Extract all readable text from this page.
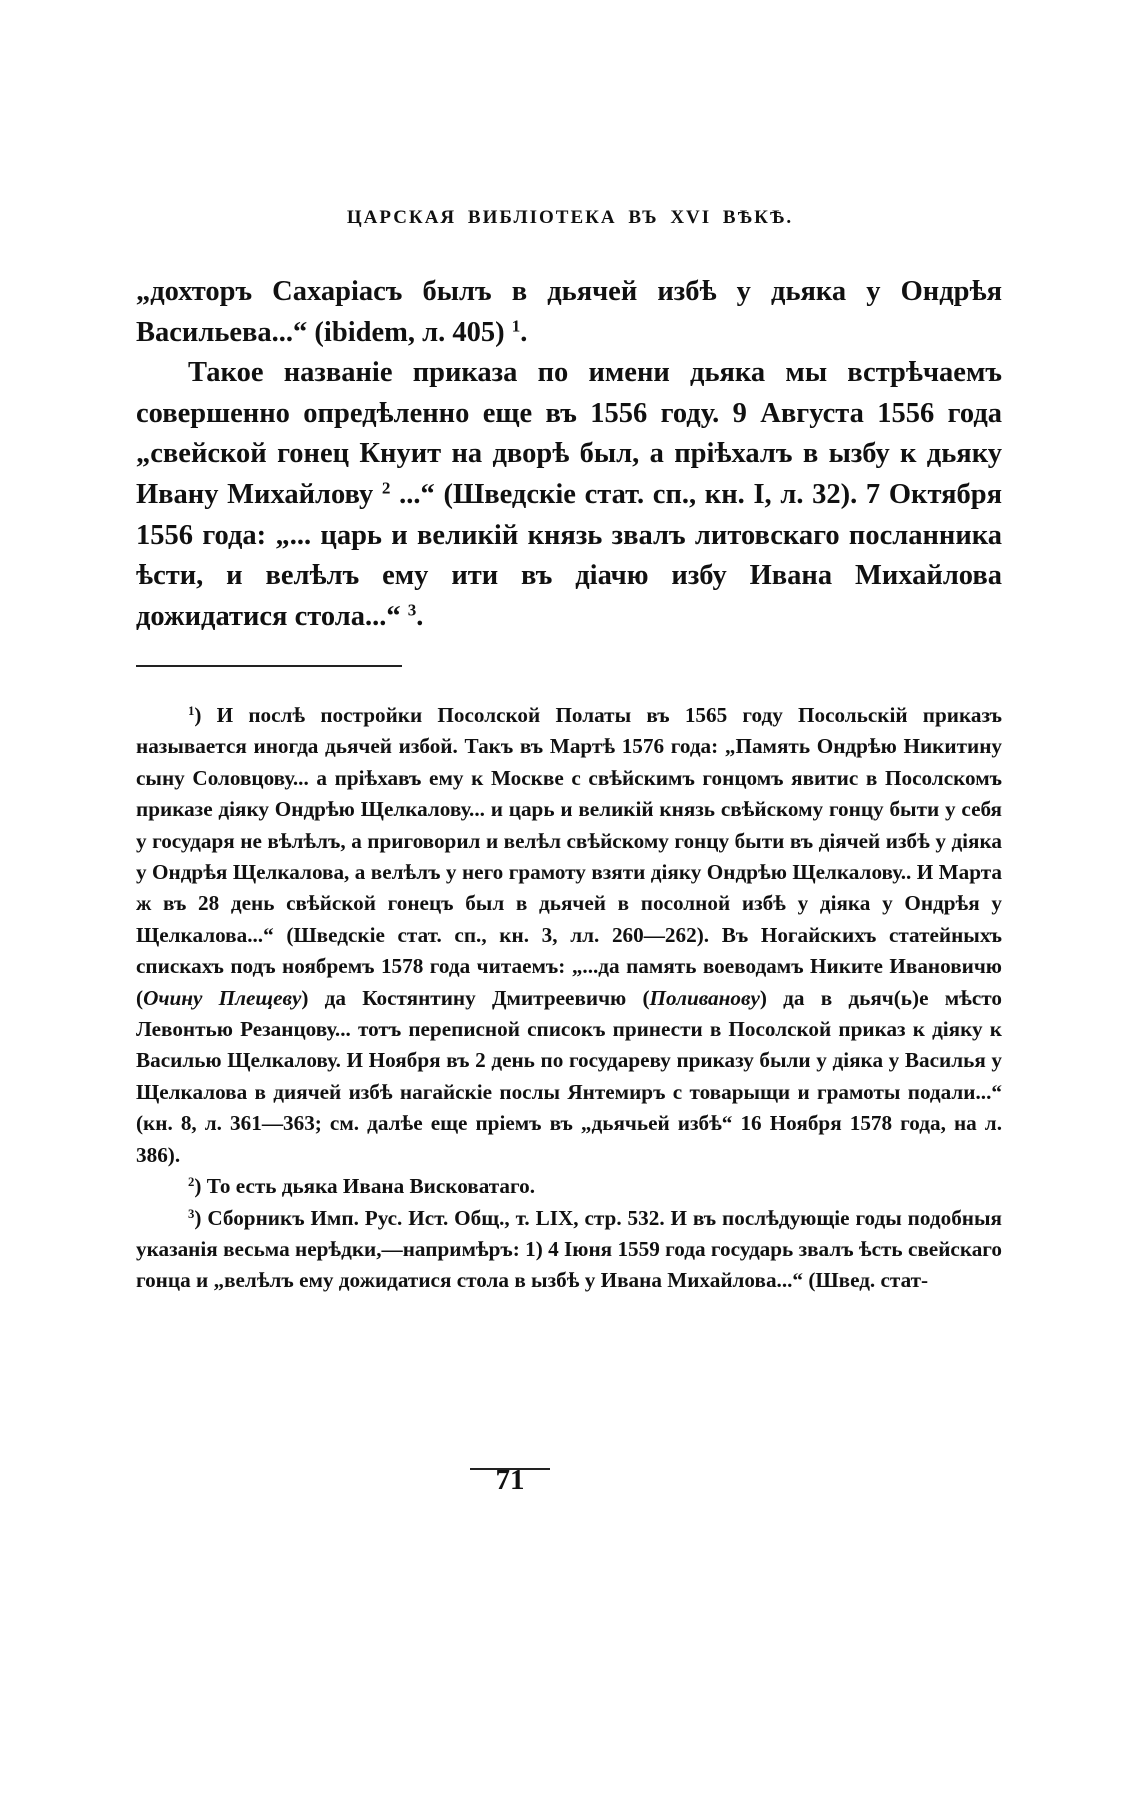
ЦАРСКАЯ ВИБЛІОТЕКА ВЪ XVI ВѢКѢ.

„дохторъ Сахаріасъ былъ в дьячей избѣ у дьяка у Ондрѣя Васильева...“ (ibidem, л. 405) $^1$.

Такое названіе приказа по имени дьяка мы встрѣчаемъ совершенно опредѣленно еще въ 1556 году. 9 Августа 1556 года „свейской гонец Кнуит на дворѣ был, а пріѣхалъ в ызбу к дьяку Ивану Михайлову $^2$ ...“ (Шведскіе стат. сп., кн. I, л. 32). 7 Октября 1556 года: „... царь и великій князь звалъ литовскаго посланника ѣсти, и велѣлъ ему ити въ діачю избу Ивана Михайлова дожидатися стола...“ $^3$.

$^1$) И послѣ постройки Посолской Полаты въ 1565 году Посольскій приказъ называется иногда дьячей избой. Такъ въ Мартѣ 1576 года: „Память Ондрѣю Никитину сыну Соловцову... а пріѣхавъ ему к Москве с свѣйскимъ гонцомъ явитис в Посолскомъ приказе діяку Ондрѣю Щелкалову... и царь и великій князь свѣйскому гонцу быти у себя у государя не вѣлѣлъ, а приговорил и велѣл свѣйскому гонцу быти въ діячей избѣ у діяка у Ондрѣя Щелкалова, а велѣлъ у него грамоту взяти діяку Ондрѣю Щелкалову.. И Марта ж въ 28 день свѣйской гонецъ был в дьячей в посолной избѣ у діяка у Ондрѣя у Щелкалова...“ (Шведскіе стат. сп., кн. 3, лл. 260—262). Въ Ногайскихъ статейныхъ спискахъ подъ ноябремъ 1578 года читаемъ: „...да память воеводамъ Никите Ивановичю (Очину Плещеву) да Костянтину Дмитреевичю (Поливанову) да в дьяч(ь)е мѣсто Левонтью Резанцову... тотъ переписной списокъ принести в Посолской приказ к діяку к Василью Щелкалову. И Ноября въ 2 день по государеву приказу были у діяка у Василья у Щелкалова в диячей избѣ нагайскіе послы Янтемиръ с товарыщи и грамоты подали...“ (кн. 8, л. 361—363; см. далѣе еще пріемъ въ „дьячьей избѣ“ 16 Ноября 1578 года, на л. 386).

$^2$) То есть дьяка Ивана Висковатаго.

$^3$) Сборникъ Имп. Рус. Ист. Общ., т. LIX, стр. 532. И въ послѣдующіе годы подобныя указанія весьма нерѣдки,—напримѣръ: 1) 4 Іюня 1559 года государь звалъ ѣсть свейскаго гонца и „велѣлъ ему дожидатися стола в ызбѣ у Ивана Михайлова...“ (Швед. стат-

71
